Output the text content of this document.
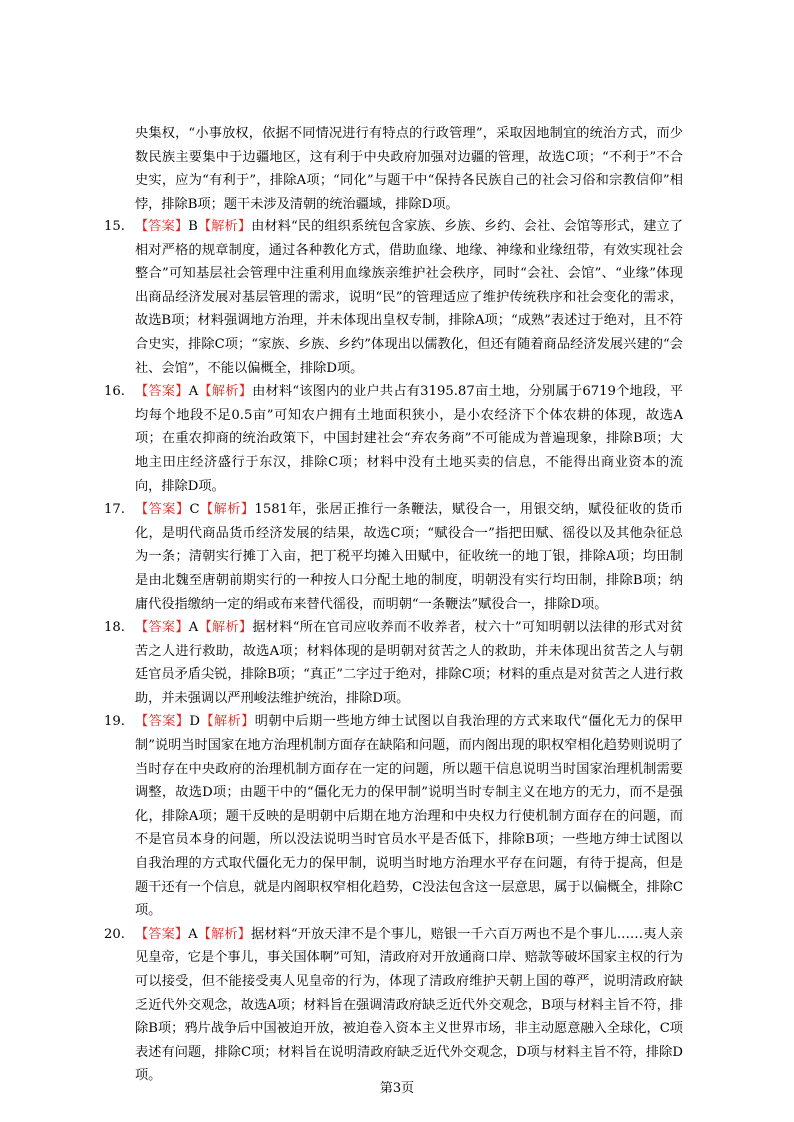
央集权，“小事放权，依据不同情况进行有特点的行政管理”，采取因地制宜的统治方式，而少数民族主要集中于边疆地区，这有利于中央政府加强对边疆的管理，故选C项；“不利于”不合史实，应为“有利于”，排除A项；“同化”与题干中“保持各民族自己的社会习俗和宗教信仰”相悖，排除B项；题干未涉及清朝的统治疆域，排除D项。

15. 【答案】B【解析】由材料“民的组织系统包含家族、乡族、乡约、会社、会馆等形式，建立了相对严格的规章制度，通过各种教化方式，借助血缘、地缘、神缘和业缘纽带，有效实现社会整合”可知基层社会管理中注重利用血缘族亲维护社会秩序，同时“会社、会馆”、“业缘”体现出商品经济发展对基层管理的需求，说明“民”的管理适应了维护传统秩序和社会变化的需求，故选B项；材料强调地方治理，并未体现出皇权专制，排除A项；“成熟”表述过于绝对，且不符合史实，排除C项；“家族、乡族、乡约”体现出以儒教化，但还有随着商品经济发展兴建的“会社、会馆”，不能以偏概全，排除D项。
16. 【答案】A【解析】由材料“该图内的业户共占有3195.87亩土地，分别属于6719个地段，平均每个地段不足0.5亩”可知农户拥有土地面积狭小，是小农经济下个体农耕的体现，故选A项；在重农抑商的统治政策下，中国封建社会“弃农务商”不可能成为普遍现象，排除B项；大地主田庄经济盛行于东汉，排除C项；材料中没有土地买卖的信息，不能得出商业资本的流向，排除D项。
17. 【答案】C【解析】1581年，张居正推行一条鞭法，赋役合一，用银交纳，赋役征收的货币化，是明代商品货币经济发展的结果，故选C项；“赋役合一”指把田赋、徭役以及其他杂征总为一条；清朝实行摊丁入亩，把丁税平均摊入田赋中，征收统一的地丁银，排除A项；均田制是由北魏至唐朝前期实行的一种按人口分配土地的制度，明朝没有实行均田制，排除B项；纳庸代役指缴纳一定的绢或布来替代徭役，而明朝“一条鞭法”赋役合一，排除D项。
18. 【答案】A【解析】据材料“所在官司应收养而不收养者，杖六十”可知明朝以法律的形式对贫苦之人进行救助，故选A项；材料体现的是明朝对贫苦之人的救助，并未体现出贫苦之人与朝廷官员矛盾尖锐，排除B项；“真正”二字过于绝对，排除C项；材料的重点是对贫苦之人进行救助，并未强调以严刑峻法维护统治，排除D项。
19. 【答案】D【解析】明朝中后期一些地方绅士试图以自我治理的方式来取代“僵化无力的保甲制”说明当时国家在地方治理机制方面存在缺陷和问题，而内阁出现的职权窄相化趋势则说明了当时存在中央政府的治理机制方面存在一定的问题，所以题干信息说明当时国家治理机制需要调整，故选D项；由题干中的“僵化无力的保甲制”说明当时专制主义在地方的无力，而不是强化，排除A项；题干反映的是明朝中后期在地方治理和中央权力行使机制方面存在的问题，而不是官员本身的问题，所以没法说明当时官员水平是否低下，排除B项；一些地方绅士试图以自我治理的方式取代僵化无力的保甲制，说明当时地方治理水平存在问题，有待于提高，但是题干还有一个信息，就是内阁职权窄相化趋势，C没法包含这一层意思，属于以偏概全，排除C项。
20. 【答案】A【解析】据材料“开放天津不是个事儿，赔银一千六百万两也不是个事儿……夷人亲见皇帝，它是个事儿，事关国体啊”可知，清政府对开放通商口岸、赔款等破坏国家主权的行为可以接受，但不能接受夷人见皇帝的行为，体现了清政府维护天朝上国的尊严，说明清政府缺乏近代外交观念，故选A项；材料旨在强调清政府缺乏近代外交观念，B项与材料主旨不符，排除B项；鸦片战争后中国被迫开放，被迫卷入资本主义世界市场，非主动愿意融入全球化，C项表述有问题，排除C项；材料旨在说明清政府缺乏近代外交观念，D项与材料主旨不符，排除D项。
第3页
